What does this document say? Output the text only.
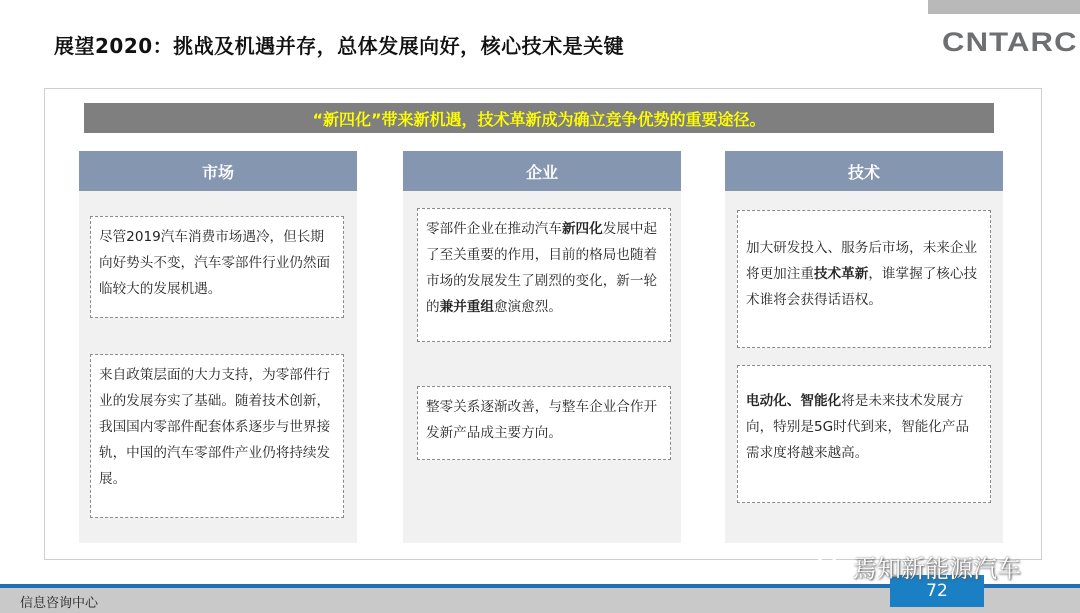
展望2020：挑战及机遇并存，总体发展向好，核心技术是关键	CNTARC
“新四化”带来新机遇，技术革新成为确立竞争优势的重要途径。
市场
尽管2019汽车消费市场遇冷，但长期向好势头不变，汽车零部件行业仍然面临较大的发展机遇。
来自政策层面的大力支持，为零部件行业的发展夯实了基础。随着技术创新，我国国内零部件配套体系逐步与世界接轨，中国的汽车零部件产业仍将持续发展。
企业
零部件企业在推动汽车新四化发展中起了至关重要的作用，目前的格局也随着市场的发展发生了剧烈的变化，新一轮的兼并重组愈演愈烈。
整零关系逐渐改善，与整车企业合作开发新产品成主要方向。
技术
加大研发投入、服务后市场，未来企业将更加注重技术革新，谁掌握了核心技术谁将会获得话语权。
电动化、智能化将是未来技术发展方向，特别是5G时代到来，智能化产品需求度将越来越高。
信息咨询中心
72
焉知新能源汽车
